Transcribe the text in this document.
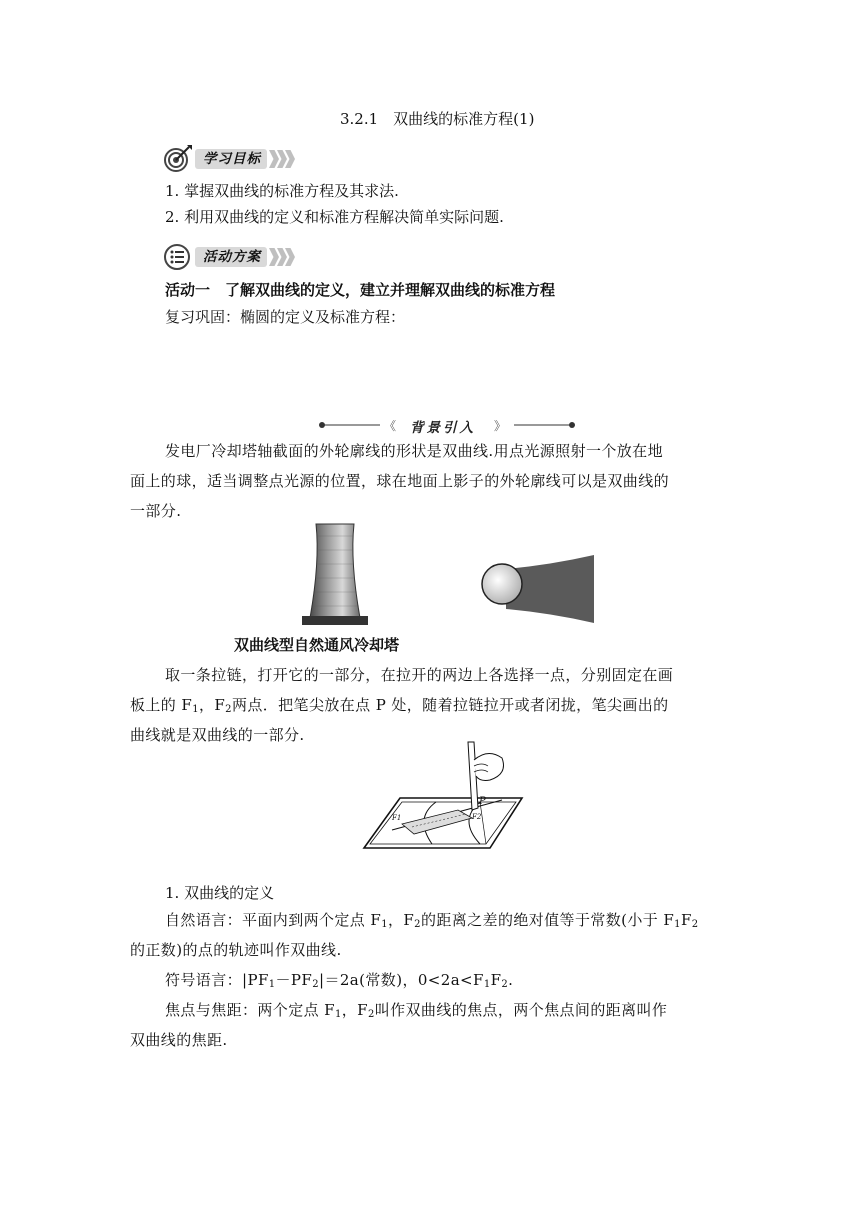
3.2.1　双曲线的标准方程(1)
学习目标
1. 掌握双曲线的标准方程及其求法.
2. 利用双曲线的定义和标准方程解决简单实际问题.
活动方案
活动一　了解双曲线的定义，建立并理解双曲线的标准方程
复习巩固：椭圆的定义及标准方程：
《	》
背景引入
发电厂冷却塔轴截面的外轮廓线的形状是双曲线.用点光源照射一个放在地
面上的球，适当调整点光源的位置，球在地面上影子的外轮廓线可以是双曲线的
一部分.
双曲线型自然通风冷却塔
取一条拉链，打开它的一部分，在拉开的两边上各选择一点，分别固定在画
板上的 $F_1$，$F_2$两点．把笔尖放在点 P 处，随着拉链拉开或者闭拢，笔尖画出的
曲线就是双曲线的一部分.
P
F1	F2
1. 双曲线的定义
自然语言：平面内到两个定点 $F_1$，$F_2$的距离之差的绝对值等于常数(小于 $F_1F_2$
的正数)的点的轨迹叫作双曲线.
符号语言：$|PF_1-PF_2|=2a$(常数)，$0<2a<F_1F_2$.
焦点与焦距：两个定点 $F_1$，$F_2$叫作双曲线的焦点，两个焦点间的距离叫作
双曲线的焦距.
